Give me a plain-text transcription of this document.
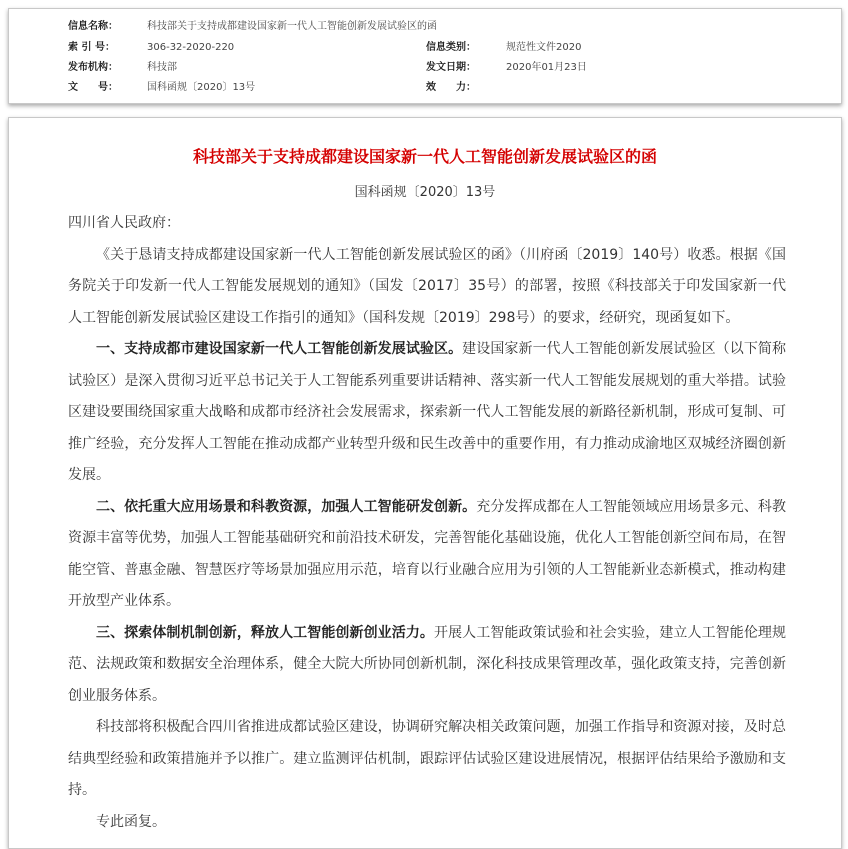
信息名称：	科技部关于支持成都建设国家新一代人工智能创新发展试验区的函
索 引 号：	306-32-2020-220	信息类别：	规范性文件2020
发布机构：	科技部	发文日期：	2020年01月23日
文　　号：	国科函规〔2020〕13号	效　　力：
科技部关于支持成都建设国家新一代人工智能创新发展试验区的函
国科函规〔2020〕13号

四川省人民政府：

《关于恳请支持成都建设国家新一代人工智能创新发展试验区的函》（川府函〔2019〕140号）收悉。根据《国务院关于印发新一代人工智能发展规划的通知》（国发〔2017〕35号）的部署，按照《科技部关于印发国家新一代人工智能创新发展试验区建设工作指引的通知》（国科发规〔2019〕298号）的要求，经研究，现函复如下。

一、支持成都市建设国家新一代人工智能创新发展试验区。建设国家新一代人工智能创新发展试验区（以下简称试验区）是深入贯彻习近平总书记关于人工智能系列重要讲话精神、落实新一代人工智能发展规划的重大举措。试验区建设要围绕国家重大战略和成都市经济社会发展需求，探索新一代人工智能发展的新路径新机制，形成可复制、可推广经验，充分发挥人工智能在推动成都产业转型升级和民生改善中的重要作用，有力推动成渝地区双城经济圈创新发展。

二、依托重大应用场景和科教资源，加强人工智能研发创新。充分发挥成都在人工智能领域应用场景多元、科教资源丰富等优势，加强人工智能基础研究和前沿技术研发，完善智能化基础设施，优化人工智能创新空间布局，在智能空管、普惠金融、智慧医疗等场景加强应用示范，培育以行业融合应用为引领的人工智能新业态新模式，推动构建开放型产业体系。

三、探索体制机制创新，释放人工智能创新创业活力。开展人工智能政策试验和社会实验，建立人工智能伦理规范、法规政策和数据安全治理体系，健全大院大所协同创新机制，深化科技成果管理改革，强化政策支持，完善创新创业服务体系。

科技部将积极配合四川省推进成都试验区建设，协调研究解决相关政策问题，加强工作指导和资源对接，及时总结典型经验和政策措施并予以推广。建立监测评估机制，跟踪评估试验区建设进展情况，根据评估结果给予激励和支持。

专此函复。
